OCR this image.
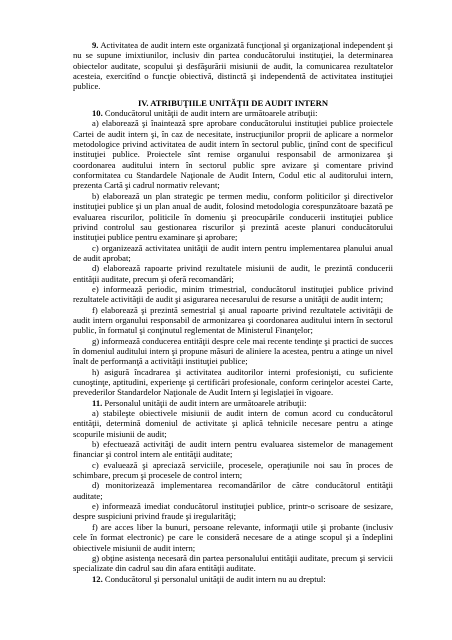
9. Activitatea de audit intern este organizată funcţional şi organizaţional independent şi nu se supune imixtiunilor, inclusiv din partea conducătorului instituţiei, la determinarea obiectelor auditate, scopului şi desfăşurării misiunii de audit, la comunicarea rezultatelor acesteia, exercitînd o funcţie obiectivă, distinctă şi independentă de activitatea instituţiei publice.

IV. ATRIBUŢIILE UNITĂŢII DE AUDIT INTERN

10. Conducătorul unităţii de audit intern are următoarele atribuţii:

a) elaborează şi înaintează spre aprobare conducătorului instituţiei publice proiectele Cartei de audit intern şi, în caz de necesitate, instrucţiunilor proprii de aplicare a normelor metodologice privind activitatea de audit intern în sectorul public, ţinînd cont de specificul instituţiei publice. Proiectele sînt remise organului responsabil de armonizarea şi coordonarea auditului intern în sectorul public spre avizare şi comentare privind conformitatea cu Standardele Naţionale de Audit Intern, Codul etic al auditorului intern, prezenta Cartă şi cadrul normativ relevant;

b) elaborează un plan strategic pe termen mediu, conform politicilor şi directivelor instituţiei publice şi un plan anual de audit, folosind metodologia corespunzătoare bazată pe evaluarea riscurilor, politicile în domeniu şi preocupările conducerii instituţiei publice privind controlul sau gestionarea riscurilor şi prezintă aceste planuri conducătorului instituţiei publice pentru examinare şi aprobare;

c) organizează activitatea unităţii de audit intern pentru implementarea planului anual de audit aprobat;

d) elaborează rapoarte privind rezultatele misiunii de audit, le prezintă conducerii entităţii auditate, precum şi oferă recomandări;

e) informează periodic, minim trimestrial, conducătorul instituţiei publice privind rezultatele activităţii de audit şi asigurarea necesarului de resurse a unităţii de audit intern;

f) elaborează şi prezintă semestrial şi anual rapoarte privind rezultatele activităţii de audit intern organului responsabil de armonizarea şi coordonarea auditului intern în sectorul public, în formatul şi conţinutul reglementat de Ministerul Finanţelor;

g) informează conducerea entităţii despre cele mai recente tendinţe şi practici de succes în domeniul auditului intern şi propune măsuri de aliniere la acestea, pentru a atinge un nivel înalt de performanţă a activităţii instituţiei publice;

h) asigură încadrarea şi activitatea auditorilor interni profesionişti, cu suficiente cunoştinţe, aptitudini, experienţe şi certificări profesionale, conform cerinţelor acestei Carte, prevederilor Standardelor Naţionale de Audit Intern şi legislaţiei în vigoare.

11. Personalul unităţii de audit intern are următoarele atribuţii:

a) stabileşte obiectivele misiunii de audit intern de comun acord cu conducătorul entităţii, determină domeniul de activitate şi aplică tehnicile necesare pentru a atinge scopurile misiunii de audit;

b) efectuează activităţi de audit intern pentru evaluarea sistemelor de management financiar şi control intern ale entităţii auditate;

c) evaluează şi apreciază serviciile, procesele, operaţiunile noi sau în proces de schimbare, precum şi procesele de control intern;

d) monitorizează implementarea recomandărilor de către conducătorul entităţii auditate;

e) informează imediat conducătorul instituţiei publice, printr-o scrisoare de sesizare, despre suspiciuni privind fraude şi iregularităţi;

f) are acces liber la bunuri, persoane relevante, informaţii utile şi probante (inclusiv cele în format electronic) pe care le consideră necesare de a atinge scopul şi a îndeplini obiectivele misiunii de audit intern;

g) obţine asistenţa necesară din partea personalului entităţii auditate, precum şi servicii specializate din cadrul sau din afara entităţii auditate.

12. Conducătorul şi personalul unităţii de audit intern nu au dreptul:
